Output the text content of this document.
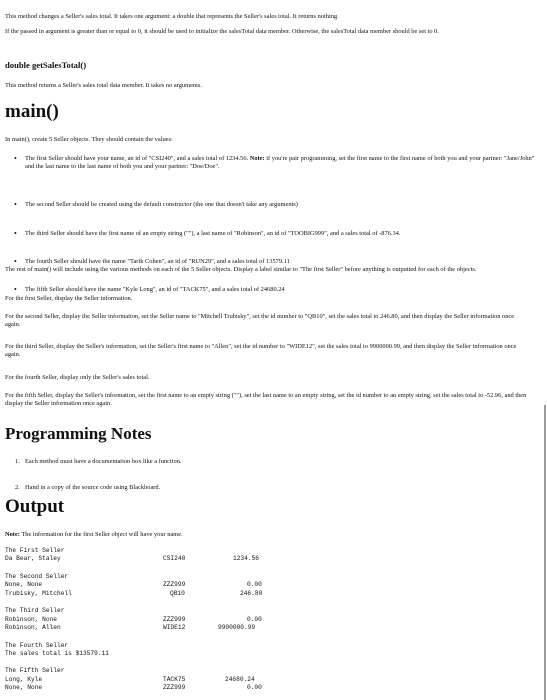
This method changes a Seller's sales total. It takes one argument: a double that represents the Seller's sales total. It returns nothing.

If the passed in argument is greater than or equal to 0, it should be used to initialize the salesTotal data member. Otherwise, the salesTotal data member should be set to 0.

double getSalesTotal()

This method returns a Seller's sales total data member. It takes no arguments.

main()

In main(), create 5 Seller objects. They should contain the values:

• The first Seller should have your name, an id of "CSI240", and a sales total of 1234.56. Note: if you're pair programming, set the first name to the first name of both you and your partner: "Jane/John" and the last name to the last name of both you and your partner: "Doe/Doe".
• The second Seller should be created using the default constructor (the one that doesn't take any arguments)
• The third Seller should have the first name of an empty string (""), a last name of "Robinson", an id of "TOOBIG999", and a sales total of -876.34.
• The fourth Seller should have the name "Tarik Cohen", an id of "RUN29", and a sales total of 13579.11
• The fifth Seller should have the name "Kyle Long", an id of "TACK75", and a sales total of 24680.24

The rest of main() will include using the various methods on each of the 5 Seller objects. Display a label similar to "The first Seller" before anything is outputted for each of the objects.

For the first Seller, display the Seller information.

For the second Seller, display the Seller information, set the Seller name to "Mitchell Trubisky", set the id number to "QB10", set the sales total to 246.80, and then display the Seller information once again.

For the third Seller, display the Seller's information, set the Seller's first name to "Allen", set the id number to "WIDE12", set the sales total to 9900000.99, and then display the Seller information once again.

For the fourth Seller, display only the Seller's sales total.

For the fifth Seller, display the Seller's information, set the first name to an empty string (""), set the last name to an empty string, set the id number to an empty string, set the sales total to -52.96, and then display the Seller information once again.

Programming Notes
1. Each method must have a documentation box like a function.
2. Hand in a copy of the source code using Blackboard.
Output

Note: The information for the first Seller object will have your name.

The First Seller
Da Bear, Staley	CSI240	1234.56
The Second Seller
None, None	ZZZ999	0.00
Trubisky, Mitchell	QB10	246.80
The Third Seller
Robinson, None	ZZZ999	0.00
Robinson, Allen	WIDE12	9900000.99
The Fourth Seller
The sales total is $13579.11
The Fifth Seller
Long, Kyle	TACK75	24680.24
None, None	ZZZ999	0.00
